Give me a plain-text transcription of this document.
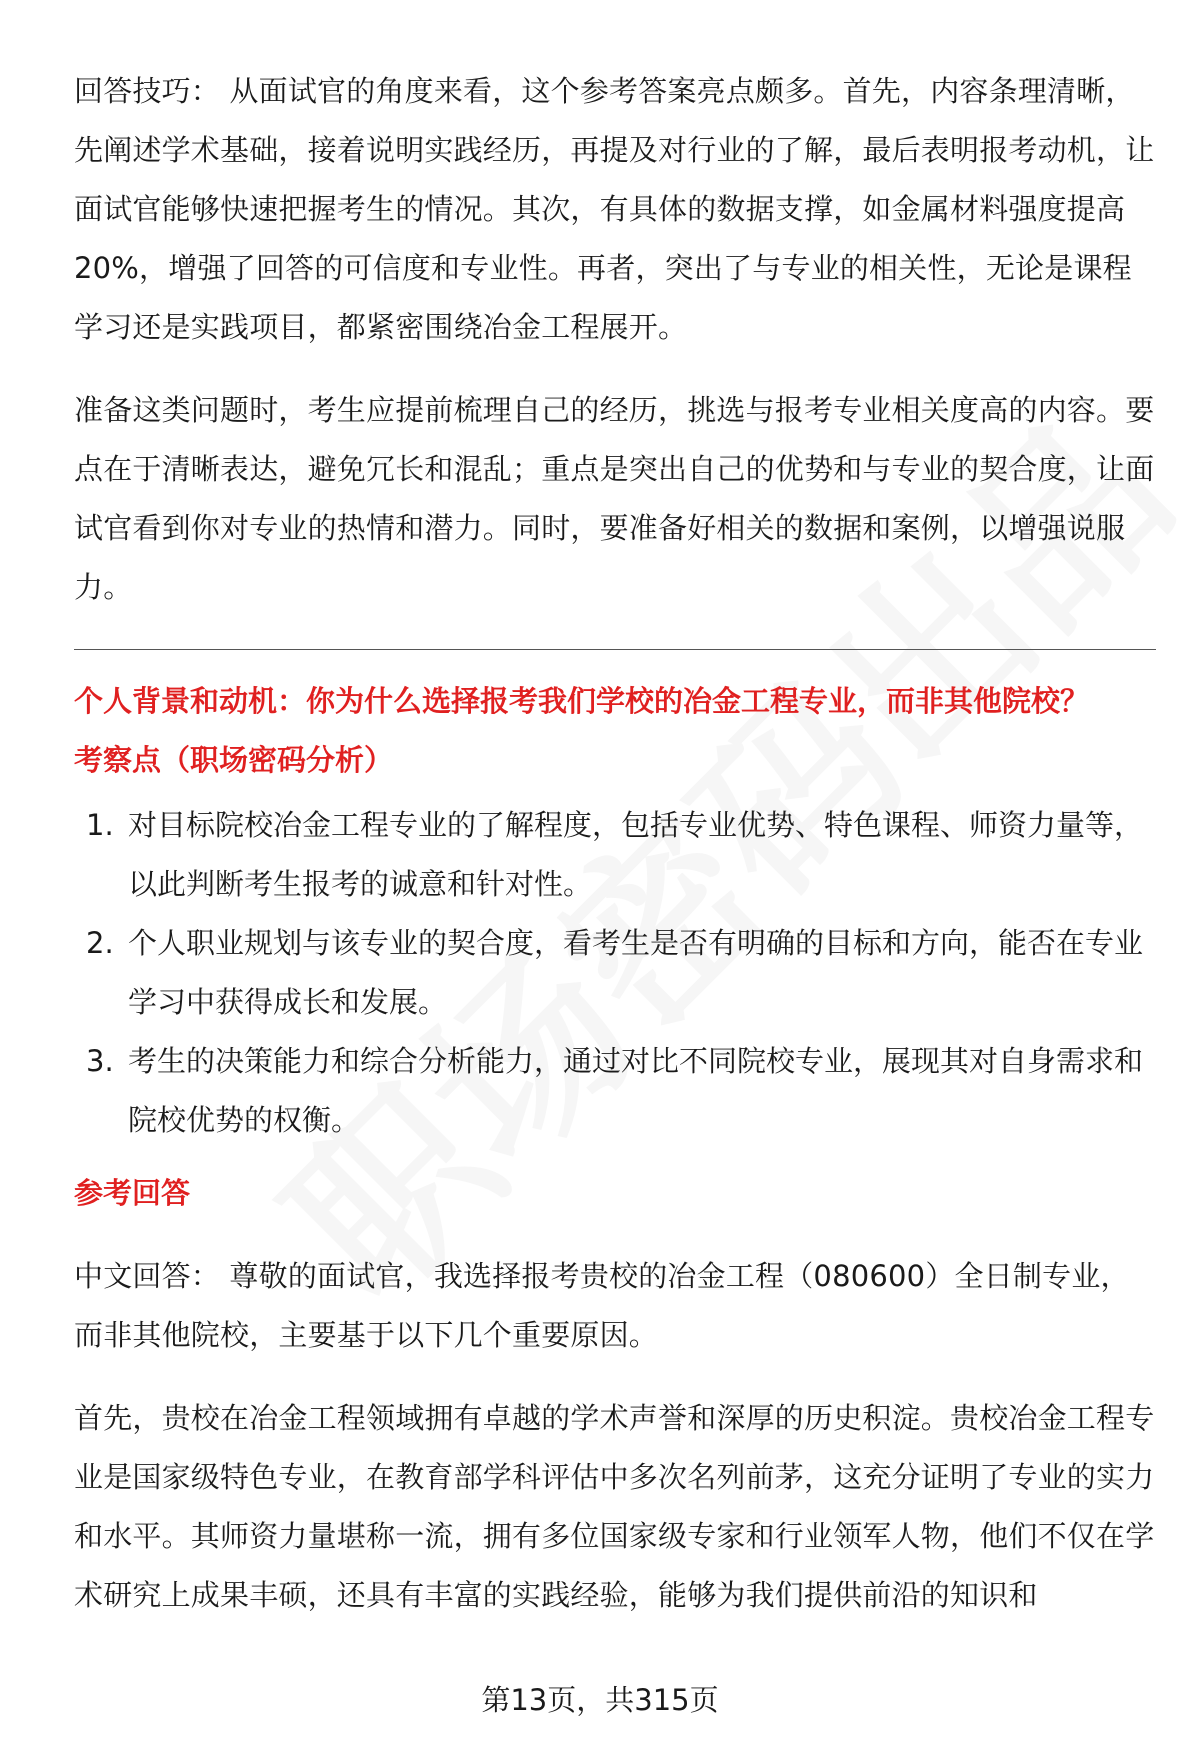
回答技巧： 从面试官的角度来看，这个参考答案亮点颇多。首先，内容条理清晰，先阐述学术基础，接着说明实践经历，再提及对行业的了解，最后表明报考动机，让面试官能够快速把握考生的情况。其次，有具体的数据支撑，如金属材料强度提高 20%，增强了回答的可信度和专业性。再者，突出了与专业的相关性，无论是课程学习还是实践项目，都紧密围绕冶金工程展开。

准备这类问题时，考生应提前梳理自己的经历，挑选与报考专业相关度高的内容。要点在于清晰表达，避免冗长和混乱；重点是突出自己的优势和与专业的契合度，让面试官看到你对专业的热情和潜力。同时，要准备好相关的数据和案例，以增强说服力。

个人背景和动机：你为什么选择报考我们学校的冶金工程专业，而非其他院校？
考察点（职场密码分析）
1. 对目标院校冶金工程专业的了解程度，包括专业优势、特色课程、师资力量等，以此判断考生报考的诚意和针对性。
2. 个人职业规划与该专业的契合度，看考生是否有明确的目标和方向，能否在专业学习中获得成长和发展。
3. 考生的决策能力和综合分析能力，通过对比不同院校专业，展现其对自身需求和院校优势的权衡。
参考回答

中文回答： 尊敬的面试官，我选择报考贵校的冶金工程（080600）全日制专业，而非其他院校，主要基于以下几个重要原因。

首先，贵校在冶金工程领域拥有卓越的学术声誉和深厚的历史积淀。贵校冶金工程专业是国家级特色专业，在教育部学科评估中多次名列前茅，这充分证明了专业的实力和水平。其师资力量堪称一流，拥有多位国家级专家和行业领军人物，他们不仅在学术研究上成果丰硕，还具有丰富的实践经验，能够为我们提供前沿的知识和

第13页，共315页
